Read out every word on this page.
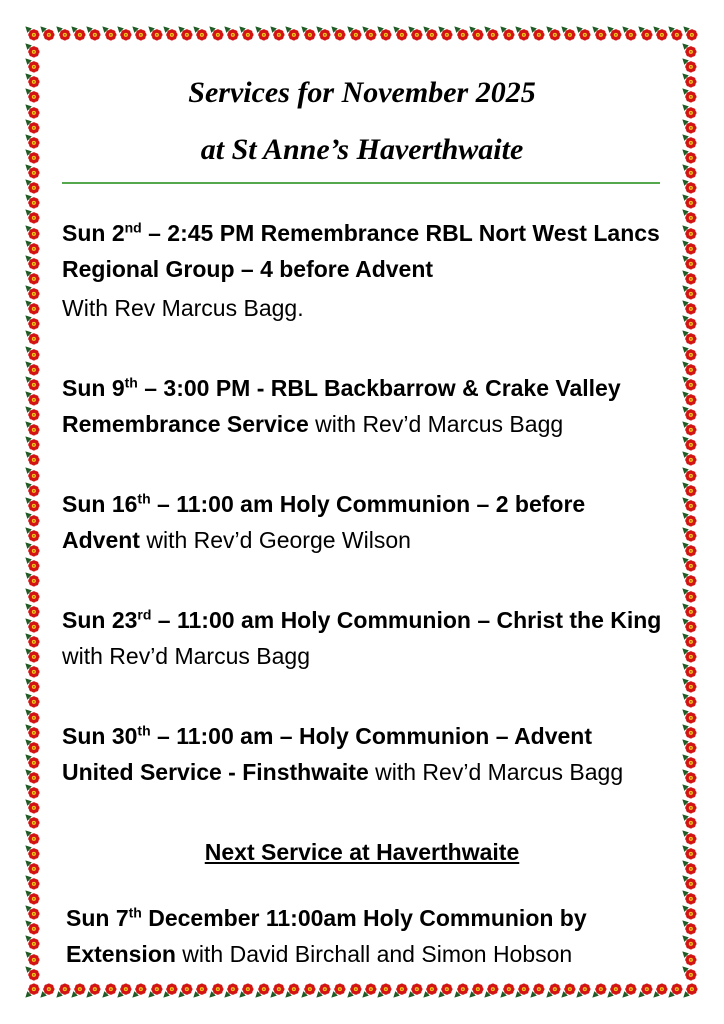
Services for November 2025
at St Anne’s Haverthwaite

Sun 2nd – 2:45 PM Remembrance RBL Nort West Lancs Regional Group – 4 before Advent
With Rev Marcus Bagg.

Sun 9th – 3:00 PM - RBL Backbarrow & Crake Valley Remembrance Service with Rev’d Marcus Bagg

Sun 16th – 11:00 am Holy Communion – 2 before Advent with Rev’d George Wilson

Sun 23rd – 11:00 am Holy Communion – Christ the King with Rev’d Marcus Bagg

Sun 30th – 11:00 am – Holy Communion – Advent United Service - Finsthwaite with Rev’d Marcus Bagg

Next Service at Haverthwaite

Sun 7th December 11:00am Holy Communion by Extension with David Birchall and Simon Hobson
